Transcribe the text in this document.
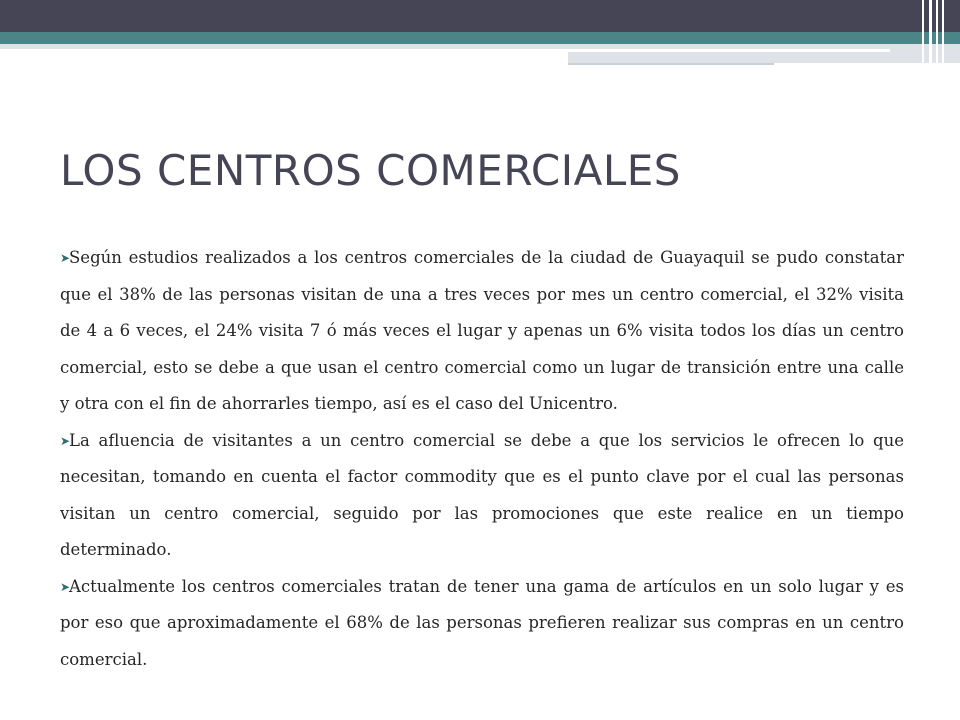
LOS CENTROS COMERCIALES
➤Según estudios realizados a los centros comerciales de la ciudad de Guayaquil se pudo constatar que el 38% de las personas visitan de una a tres veces por mes un centro comercial, el 32% visita de 4 a 6 veces, el 24% visita 7 ó más veces el lugar y apenas un 6% visita todos los días un centro comercial, esto se debe a que usan el centro comercial como un lugar de transición entre una calle y otra con el fin de ahorrarles tiempo, así es el caso del Unicentro.
➤La afluencia de visitantes a un centro comercial se debe a que los servicios le ofrecen lo que necesitan, tomando en cuenta el factor commodity que es el punto clave por el cual las personas visitan un centro comercial, seguido por las promociones que este realice en un tiempo determinado.
➤Actualmente los centros comerciales tratan de tener una gama de artículos en un solo lugar y es por eso que aproximadamente el 68% de las personas prefieren realizar sus compras en un centro comercial.
